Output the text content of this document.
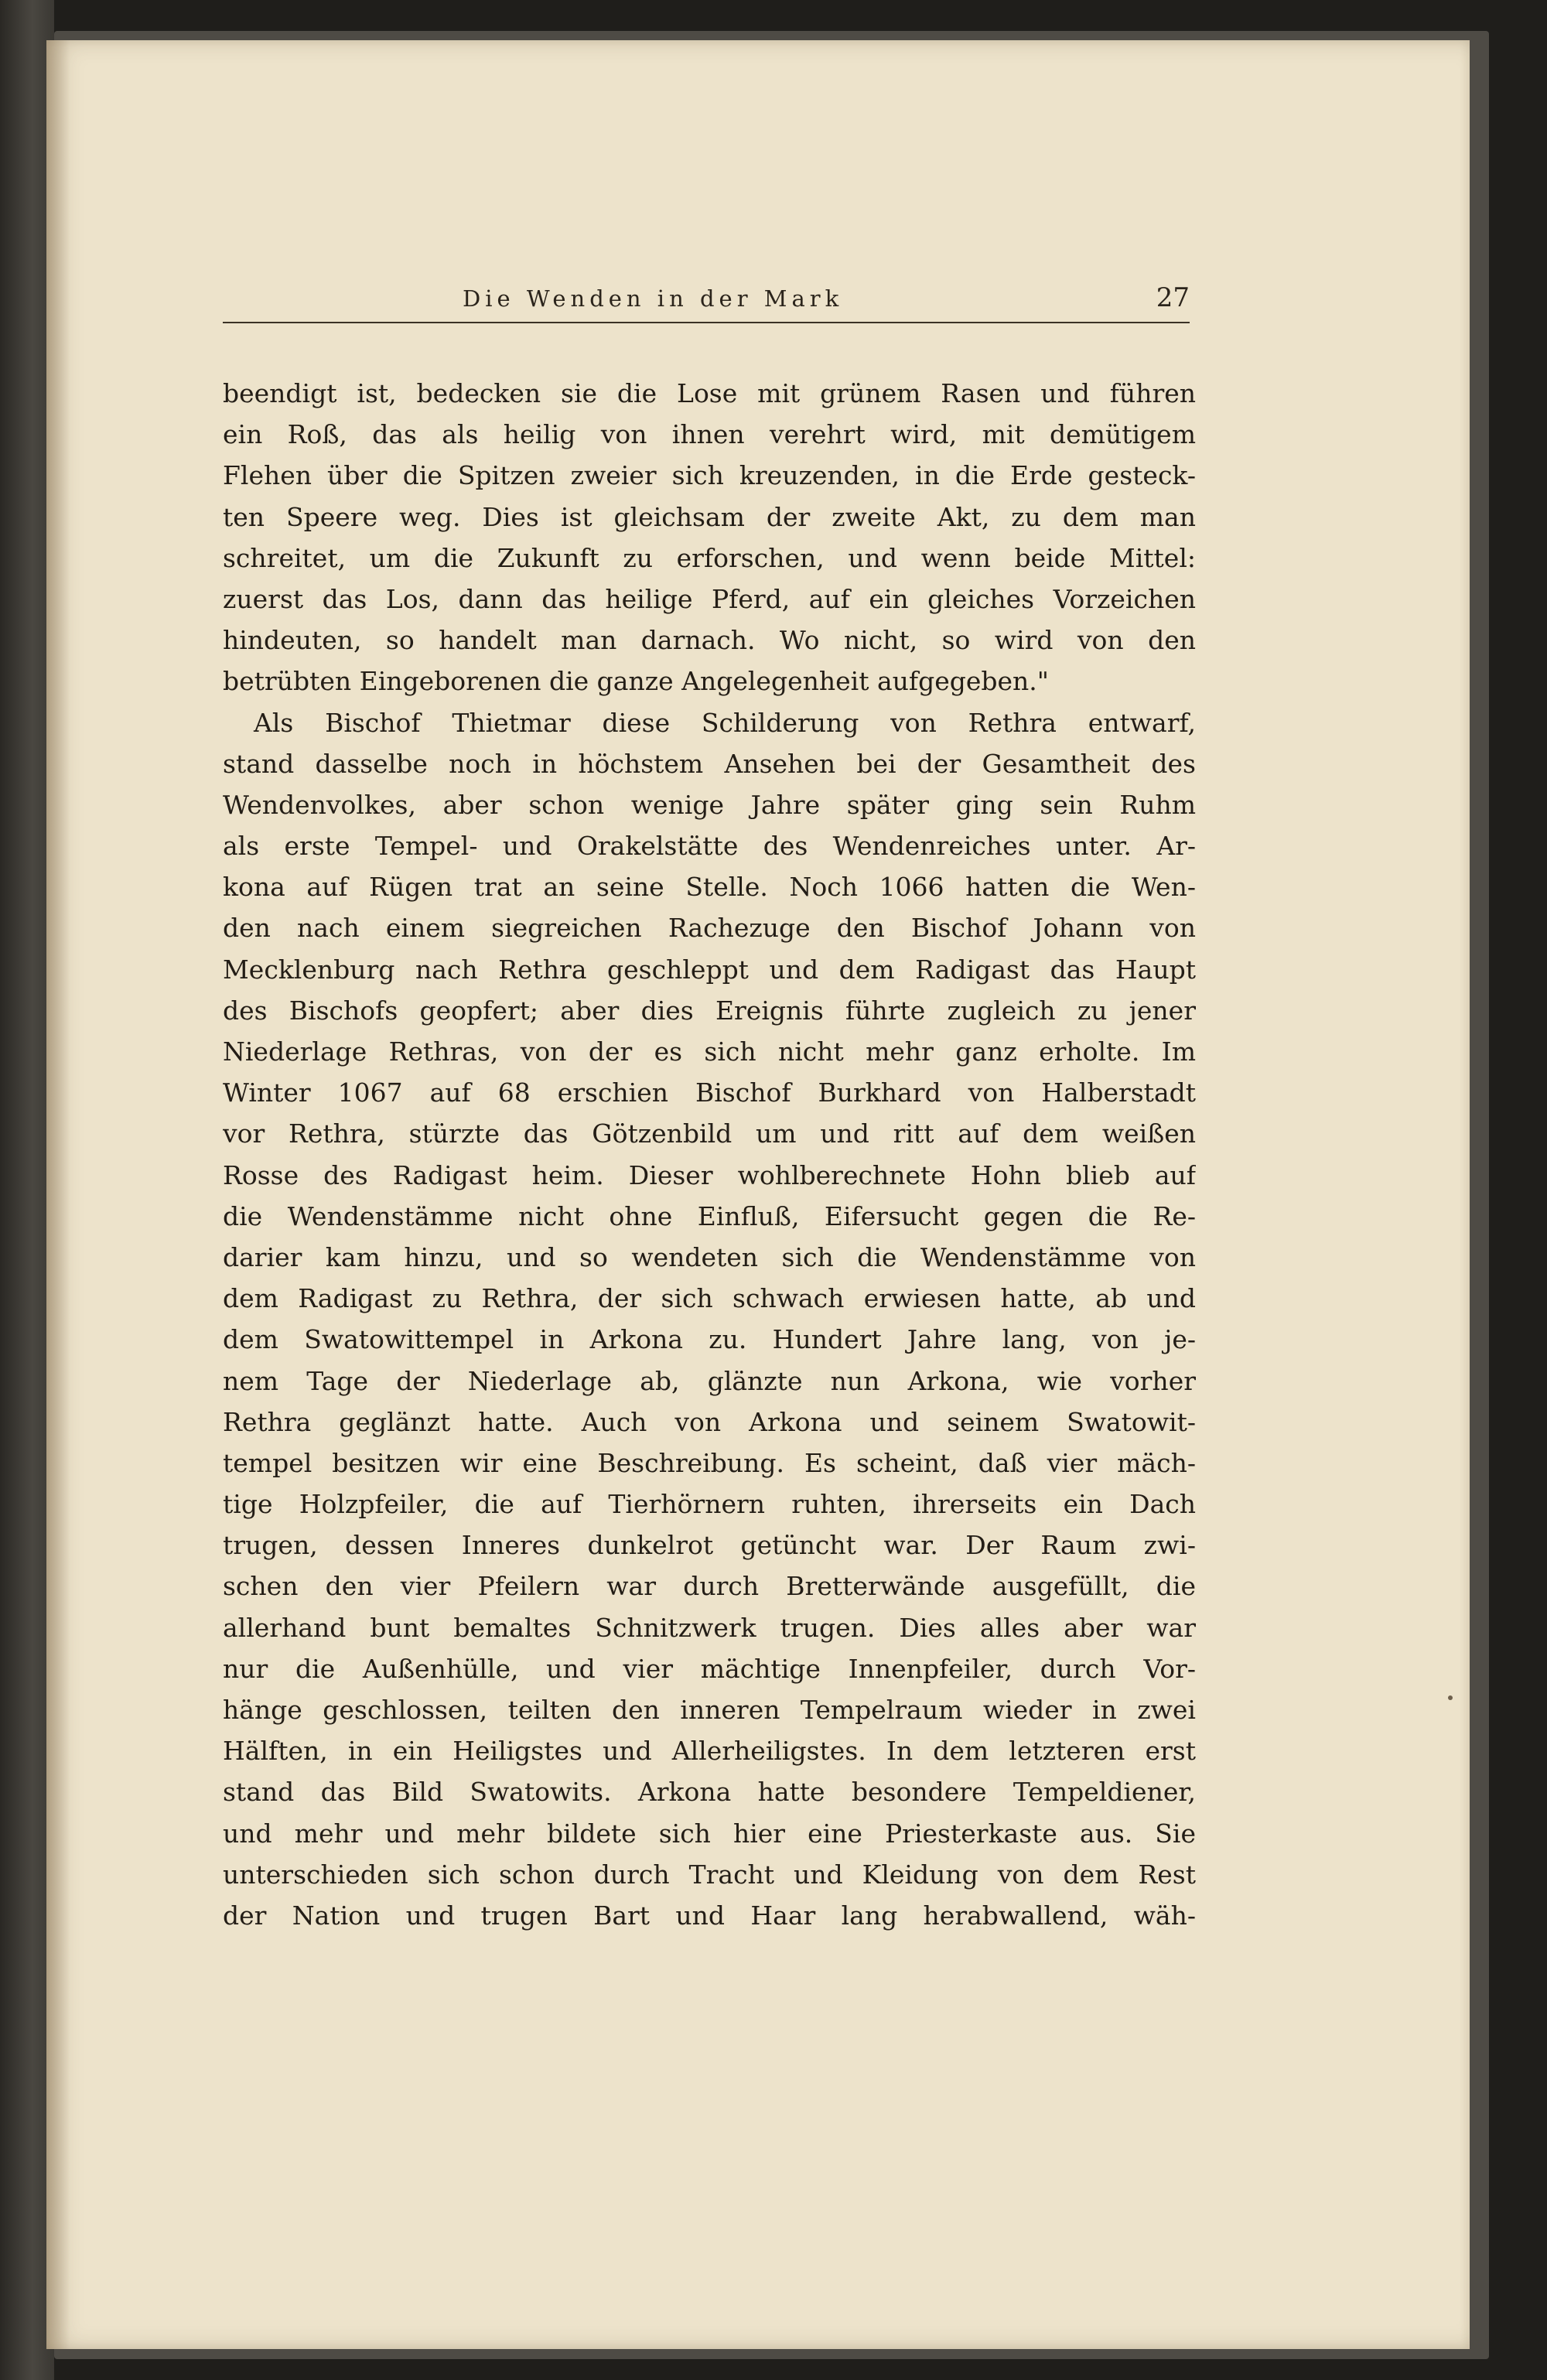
Die Wenden in der Mark	27
beendigt ist, bedecken sie die Lose mit grünem Rasen und führen
ein Roß, das als heilig von ihnen verehrt wird, mit demütigem
Flehen über die Spitzen zweier sich kreuzenden, in die Erde gesteck-
ten Speere weg. Dies ist gleichsam der zweite Akt, zu dem man
schreitet, um die Zukunft zu erforschen, und wenn beide Mittel:
zuerst das Los, dann das heilige Pferd, auf ein gleiches Vorzeichen
hindeuten, so handelt man darnach. Wo nicht, so wird von den
betrübten Eingeborenen die ganze Angelegenheit aufgegeben."
Als Bischof Thietmar diese Schilderung von Rethra entwarf,
stand dasselbe noch in höchstem Ansehen bei der Gesamtheit des
Wendenvolkes, aber schon wenige Jahre später ging sein Ruhm
als erste Tempel- und Orakelstätte des Wendenreiches unter. Ar-
kona auf Rügen trat an seine Stelle. Noch 1066 hatten die Wen-
den nach einem siegreichen Rachezuge den Bischof Johann von
Mecklenburg nach Rethra geschleppt und dem Radigast das Haupt
des Bischofs geopfert; aber dies Ereignis führte zugleich zu jener
Niederlage Rethras, von der es sich nicht mehr ganz erholte. Im
Winter 1067 auf 68 erschien Bischof Burkhard von Halberstadt
vor Rethra, stürzte das Götzenbild um und ritt auf dem weißen
Rosse des Radigast heim. Dieser wohlberechnete Hohn blieb auf
die Wendenstämme nicht ohne Einfluß, Eifersucht gegen die Re-
darier kam hinzu, und so wendeten sich die Wendenstämme von
dem Radigast zu Rethra, der sich schwach erwiesen hatte, ab und
dem Swatowittempel in Arkona zu. Hundert Jahre lang, von je-
nem Tage der Niederlage ab, glänzte nun Arkona, wie vorher
Rethra geglänzt hatte. Auch von Arkona und seinem Swatowit-
tempel besitzen wir eine Beschreibung. Es scheint, daß vier mäch-
tige Holzpfeiler, die auf Tierhörnern ruhten, ihrerseits ein Dach
trugen, dessen Inneres dunkelrot getüncht war. Der Raum zwi-
schen den vier Pfeilern war durch Bretterwände ausgefüllt, die
allerhand bunt bemaltes Schnitzwerk trugen. Dies alles aber war
nur die Außenhülle, und vier mächtige Innenpfeiler, durch Vor-
hänge geschlossen, teilten den inneren Tempelraum wieder in zwei
Hälften, in ein Heiligstes und Allerheiligstes. In dem letzteren erst
stand das Bild Swatowits. Arkona hatte besondere Tempeldiener,
und mehr und mehr bildete sich hier eine Priesterkaste aus. Sie
unterschieden sich schon durch Tracht und Kleidung von dem Rest
der Nation und trugen Bart und Haar lang herabwallend, wäh-
